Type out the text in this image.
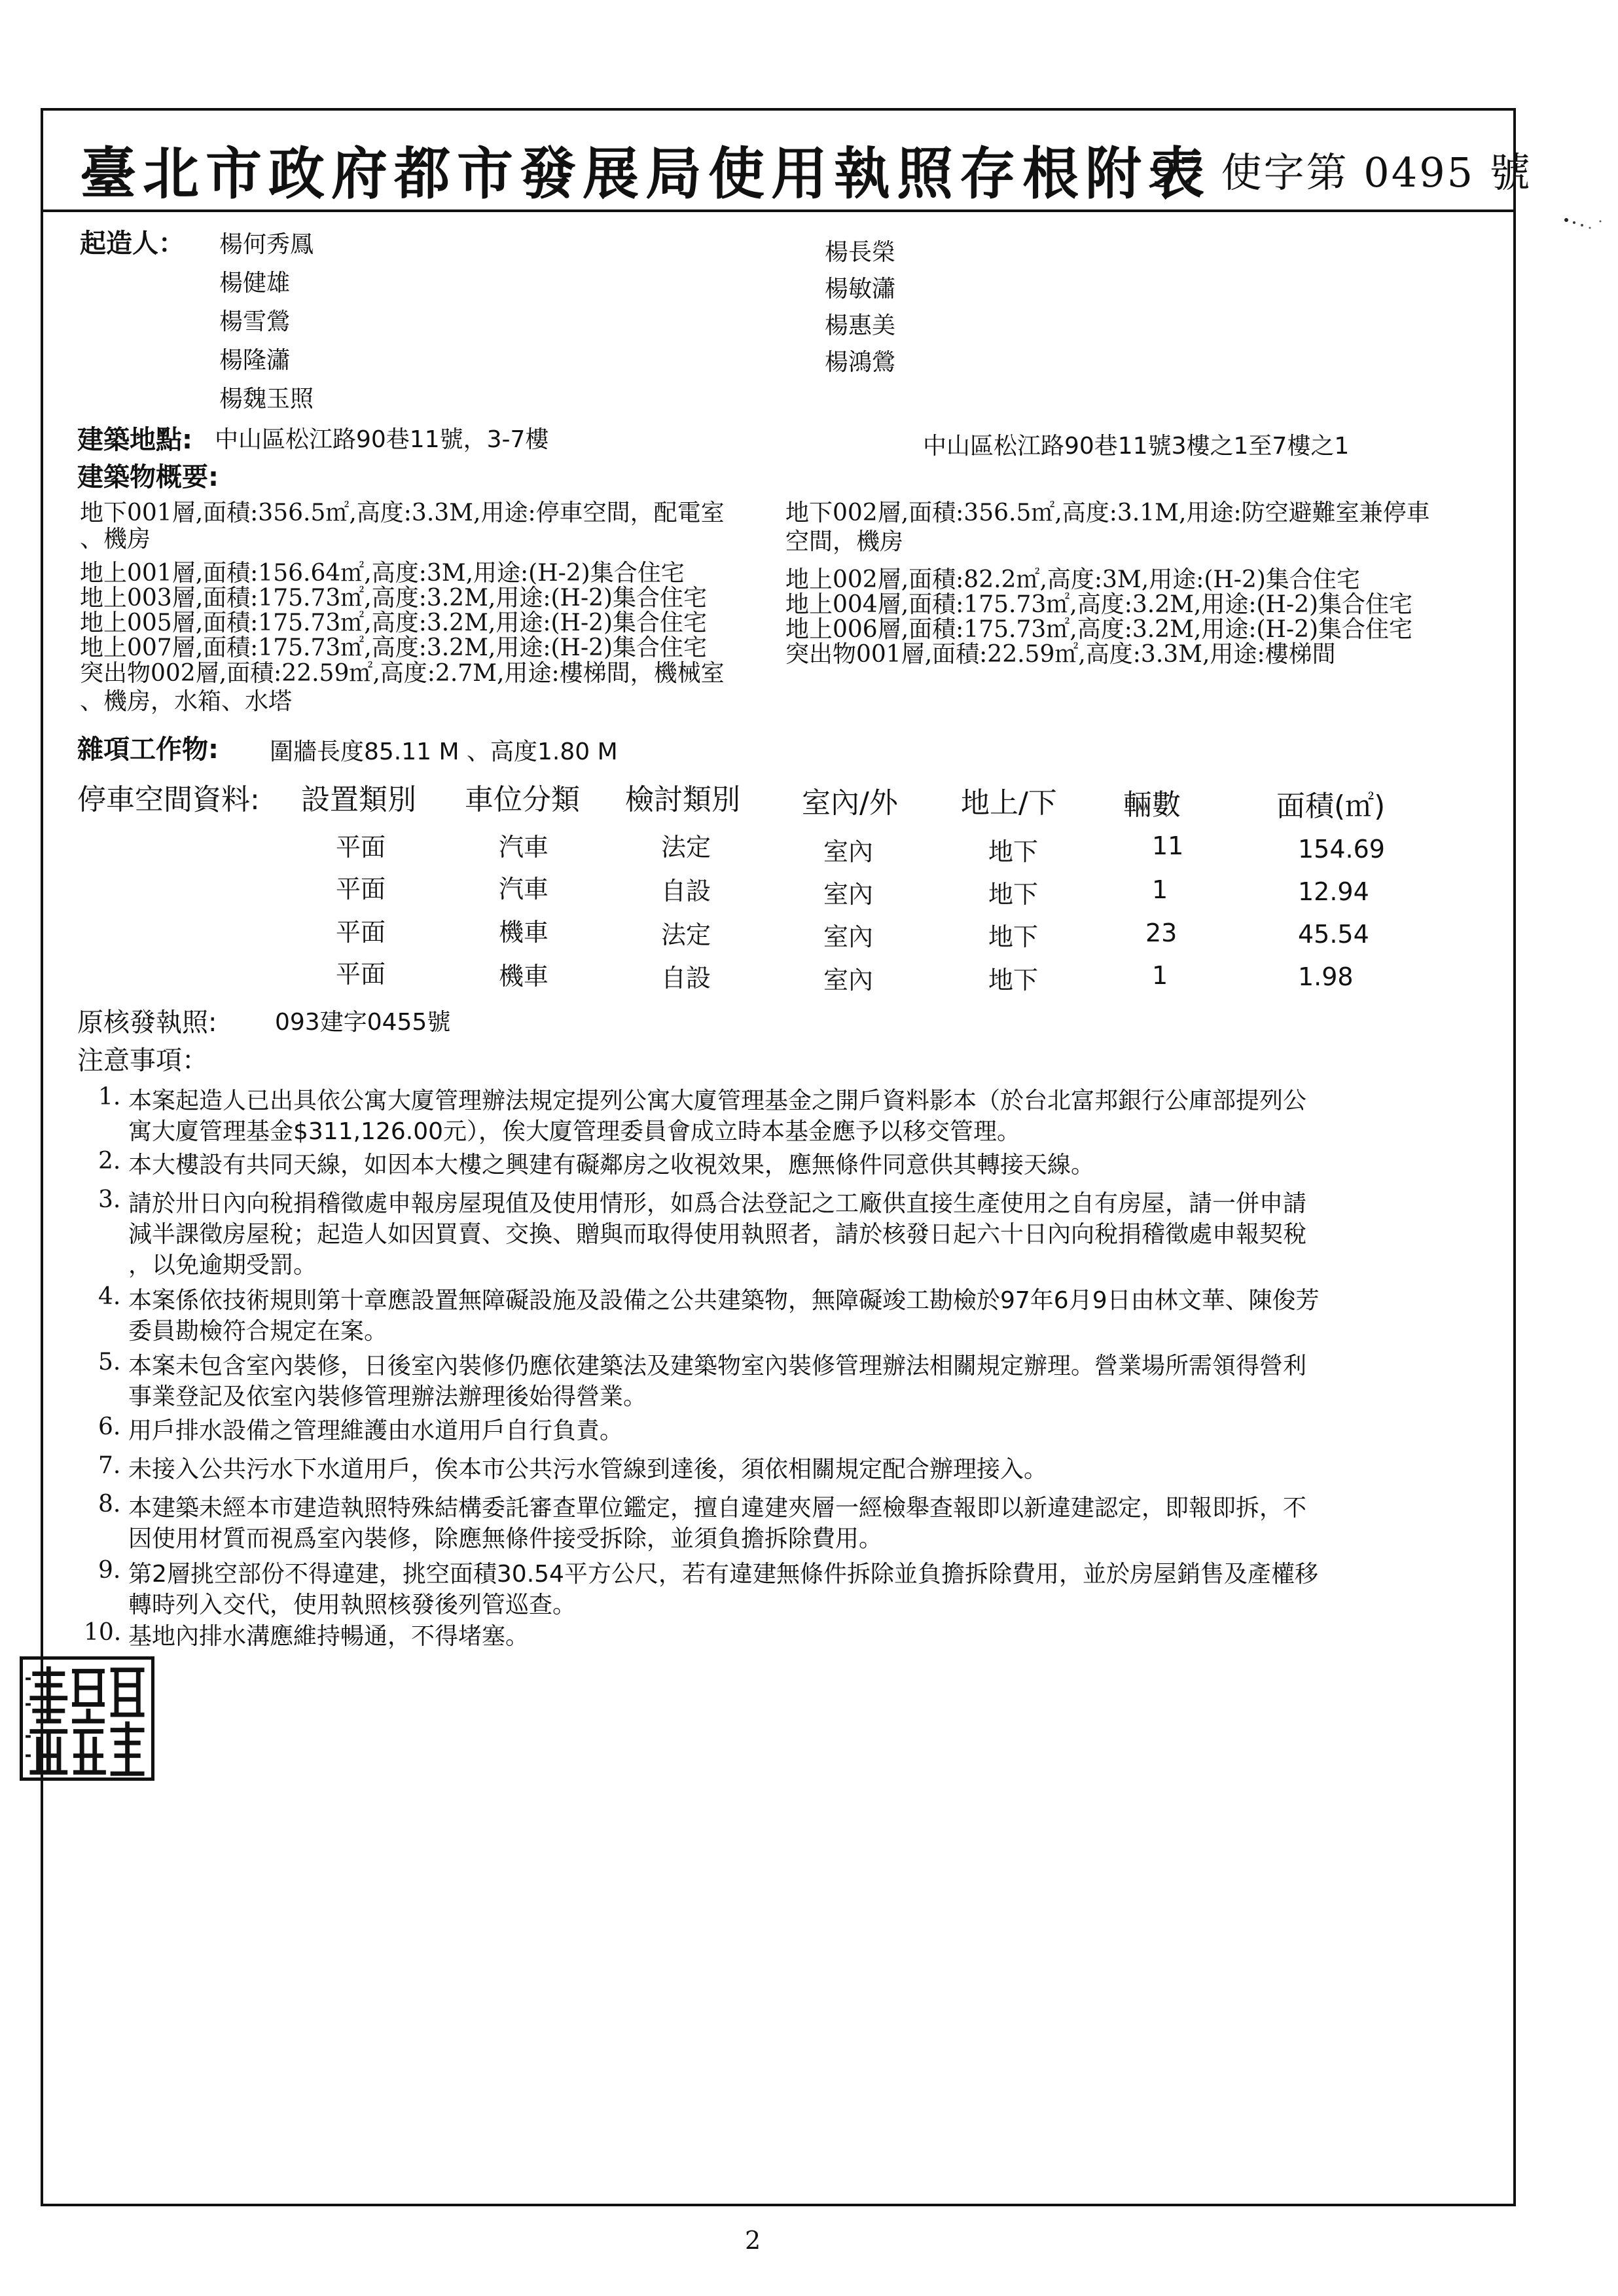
臺北市政府都市發展局使用執照存根附表
97 使字第 0495 號
起造人： 楊何秀鳳
楊健雄
楊雪鶯
楊隆瀟
楊魏玉照
楊長榮
楊敏瀟
楊惠美
楊鴻鶯
建築地點: 中山區松江路90巷11號，3-7樓	中山區松江路90巷11號3樓之1至7樓之1
建築物概要:
地下001層,面積:356.5㎡,高度:3.3M,用途:停車空間，配電室
、機房
地上001層,面積:156.64㎡,高度:3M,用途:(H-2)集合住宅
地上003層,面積:175.73㎡,高度:3.2M,用途:(H-2)集合住宅
地上005層,面積:175.73㎡,高度:3.2M,用途:(H-2)集合住宅
地上007層,面積:175.73㎡,高度:3.2M,用途:(H-2)集合住宅
突出物002層,面積:22.59㎡,高度:2.7M,用途:樓梯間，機械室
、機房，水箱、水塔
地下002層,面積:356.5㎡,高度:3.1M,用途:防空避難室兼停車
空間，機房
地上002層,面積:82.2㎡,高度:3M,用途:(H-2)集合住宅
地上004層,面積:175.73㎡,高度:3.2M,用途:(H-2)集合住宅
地上006層,面積:175.73㎡,高度:3.2M,用途:(H-2)集合住宅
突出物001層,面積:22.59㎡,高度:3.3M,用途:樓梯間
雜項工作物: 圍牆長度85.11 M 、高度1.80 M
停車空間資料: 設置類別 車位分類 檢討類別 室內/外 地上/下 輛數	面積(㎡)
平面	汽車	法定	室內	地下	11	154.69
平面	汽車	自設	室內	地下	1	12.94
平面	機車	法定	室內	地下	23	45.54
平面	機車	自設	室內	地下	1	1.98
原核發執照: 093建字0455號
注意事項：
1. 本案起造人已出具依公寓大廈管理辦法規定提列公寓大廈管理基金之開戶資料影本（於台北富邦銀行公庫部提列公
寓大廈管理基金$311,126.00元），俟大廈管理委員會成立時本基金應予以移交管理。
2. 本大樓設有共同天線，如因本大樓之興建有礙鄰房之收視效果，應無條件同意供其轉接天線。
3. 請於卅日內向稅捐稽徵處申報房屋現值及使用情形，如爲合法登記之工廠供直接生產使用之自有房屋，請一併申請
減半課徵房屋稅；起造人如因買賣、交換、贈與而取得使用執照者，請於核發日起六十日內向稅捐稽徵處申報契稅
，以免逾期受罰。
4. 本案係依技術規則第十章應設置無障礙設施及設備之公共建築物，無障礙竣工勘檢於97年6月9日由林文華、陳俊芳
委員勘檢符合規定在案。
5. 本案未包含室內裝修，日後室內裝修仍應依建築法及建築物室內裝修管理辦法相關規定辦理。營業場所需領得營利
事業登記及依室內裝修管理辦法辦理後始得營業。
6. 用戶排水設備之管理維護由水道用戶自行負責。
7. 未接入公共污水下水道用戶，俟本市公共污水管線到達後，須依相關規定配合辦理接入。
8. 本建築未經本市建造執照特殊結構委託審查單位鑑定，擅自違建夾層一經檢舉查報即以新違建認定，即報即拆，不
因使用材質而視爲室內裝修，除應無條件接受拆除，並須負擔拆除費用。
9. 第2層挑空部份不得違建，挑空面積30.54平方公尺，若有違建無條件拆除並負擔拆除費用，並於房屋銷售及產權移
轉時列入交代，使用執照核發後列管巡查。
10. 基地內排水溝應維持暢通，不得堵塞。
2
